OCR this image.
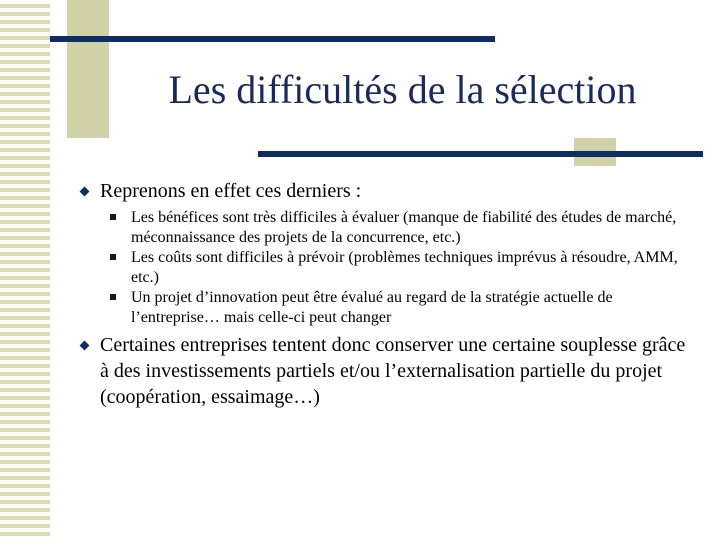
Les difficultés de la sélection
Reprenons en effet ces derniers :
Les bénéfices sont très difficiles à évaluer (manque de fiabilité des études de marché, méconnaissance des projets de la concurrence, etc.)
Les coûts sont difficiles à prévoir (problèmes techniques imprévus à résoudre, AMM, etc.)
Un projet d’innovation peut être évalué au regard de la stratégie actuelle de l’entreprise… mais celle-ci peut changer
Certaines entreprises tentent donc conserver une certaine souplesse grâce à des investissements partiels et/ou l’externalisation partielle du projet (coopération, essaimage…)
